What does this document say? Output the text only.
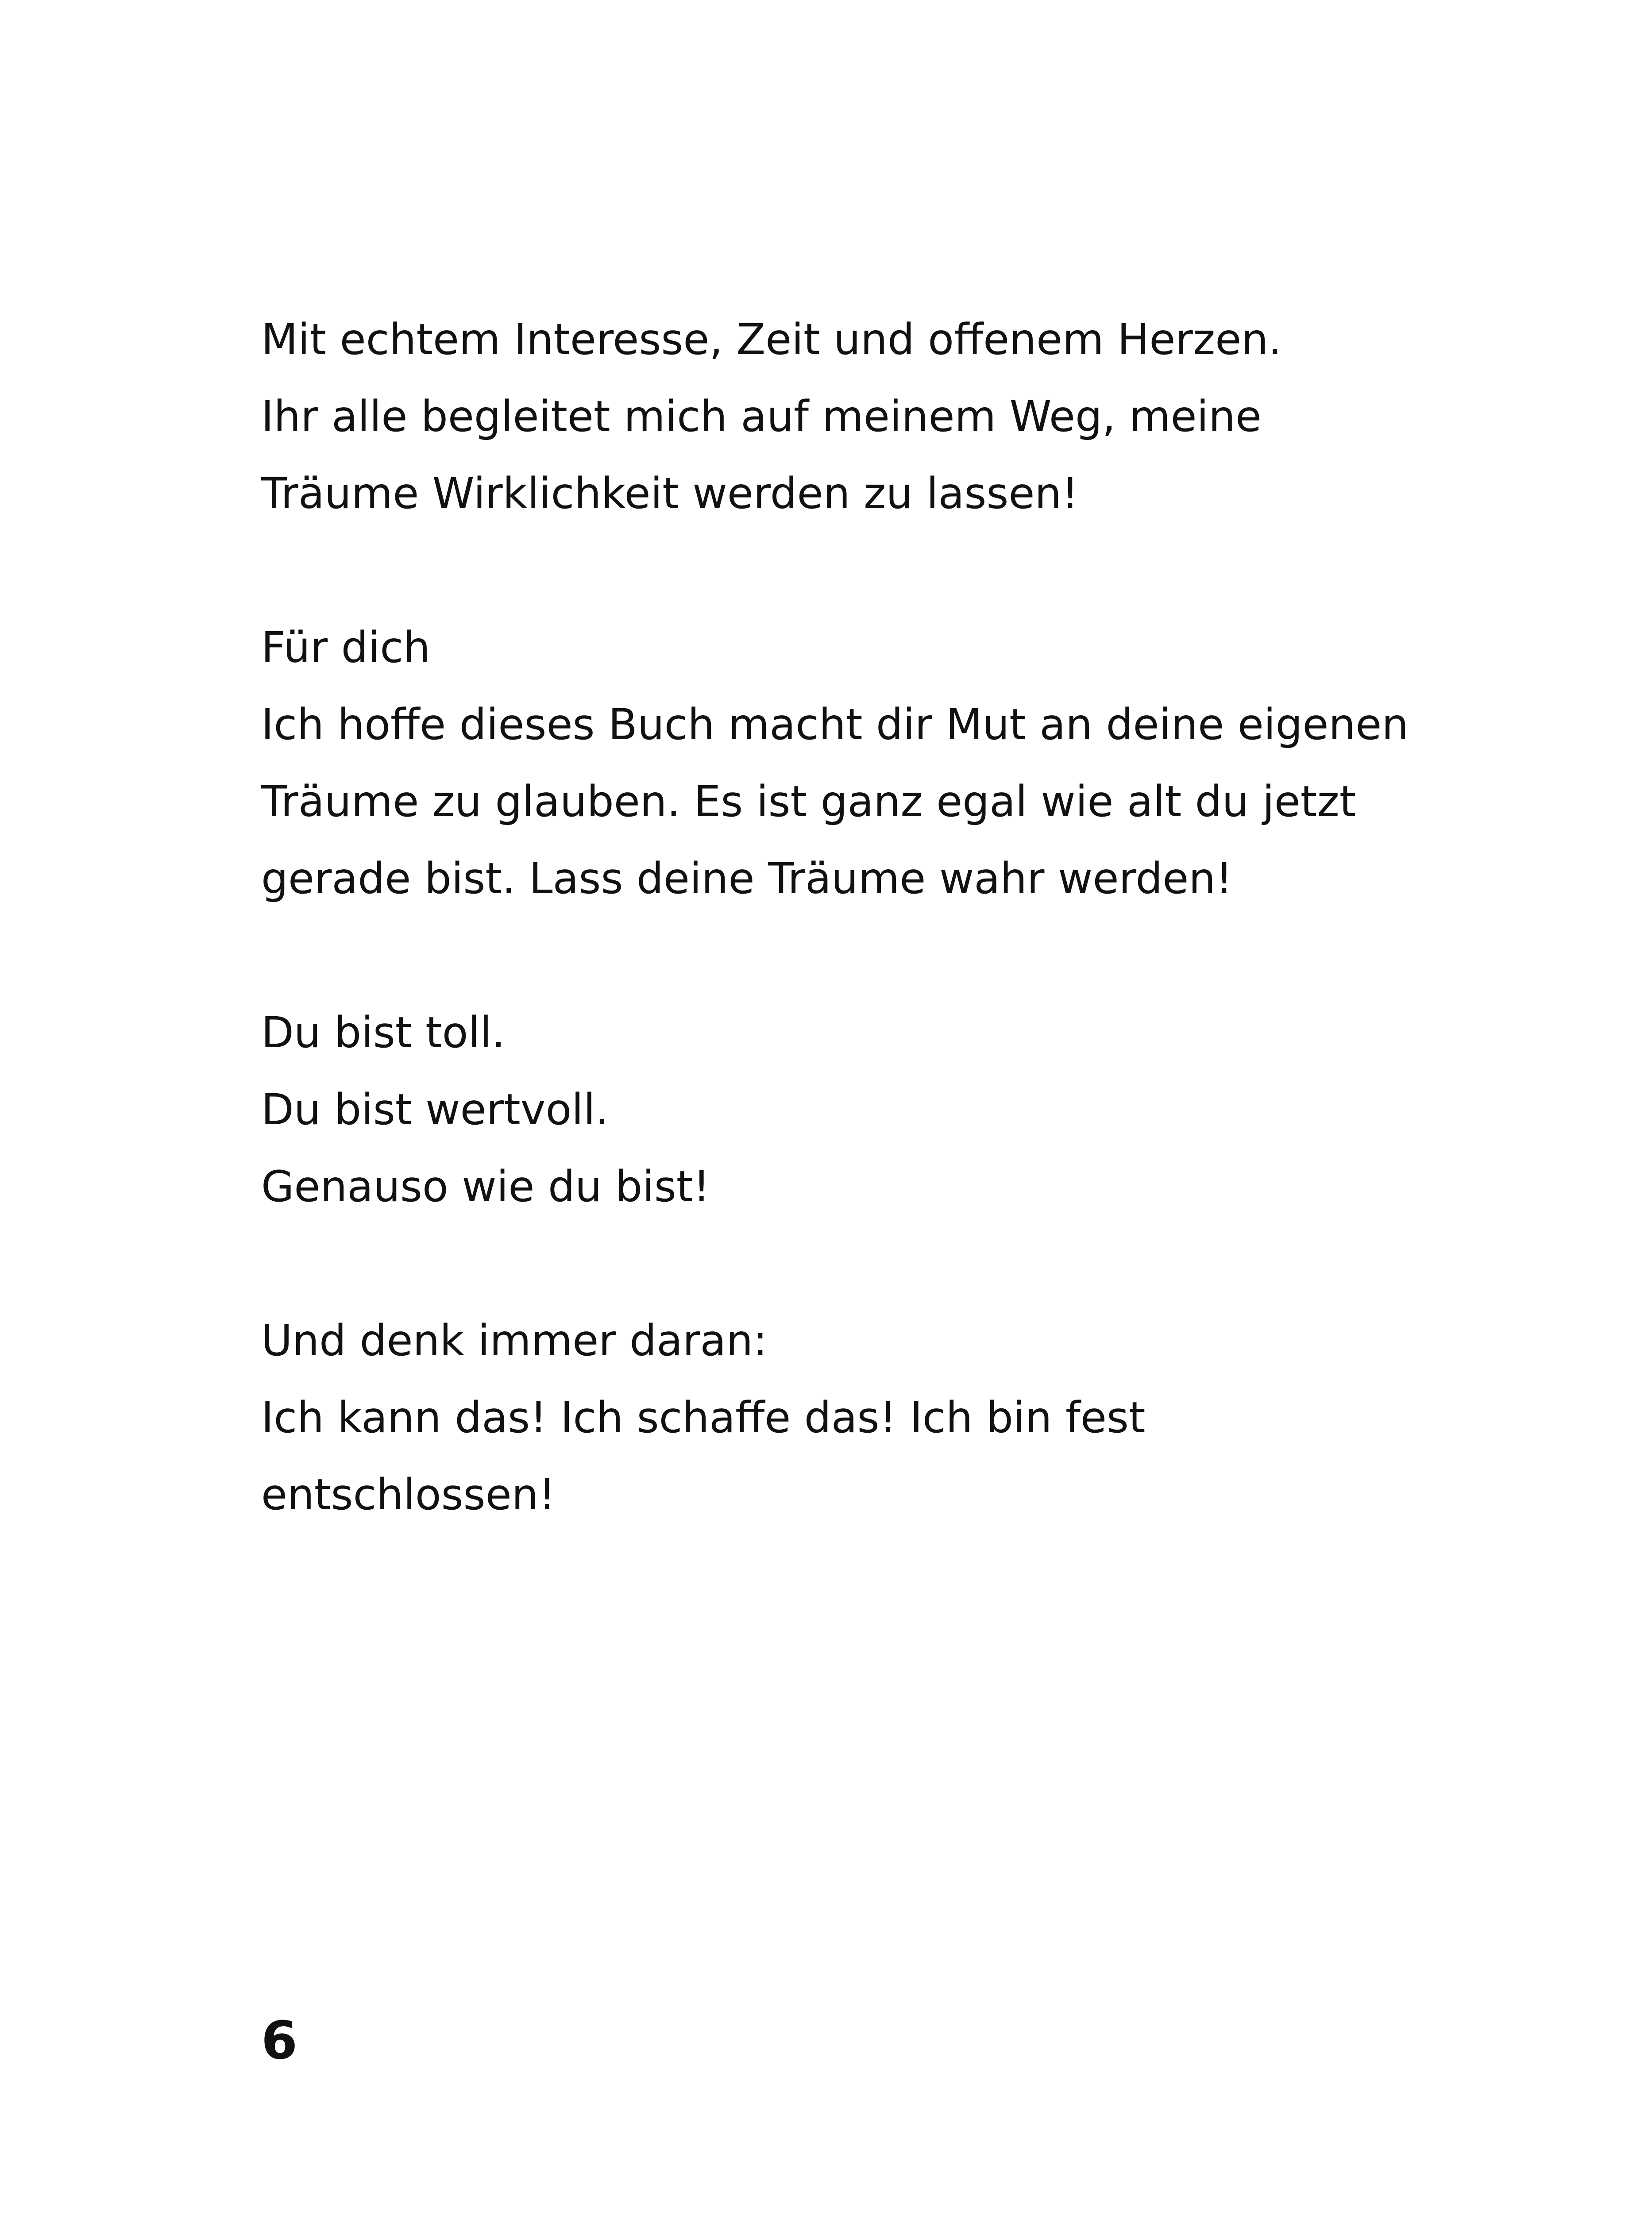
Mit echtem Interesse, Zeit und offenem Herzen.
Ihr alle begleitet mich auf meinem Weg, meine
Träume Wirklichkeit werden zu lassen!
Für dich
Ich hoffe dieses Buch macht dir Mut an deine eigenen
Träume zu glauben. Es ist ganz egal wie alt du jetzt
gerade bist. Lass deine Träume wahr werden!
Du bist toll.
Du bist wertvoll.
Genauso wie du bist!
Und denk immer daran:
Ich kann das! Ich schaffe das! Ich bin fest
entschlossen!
6
